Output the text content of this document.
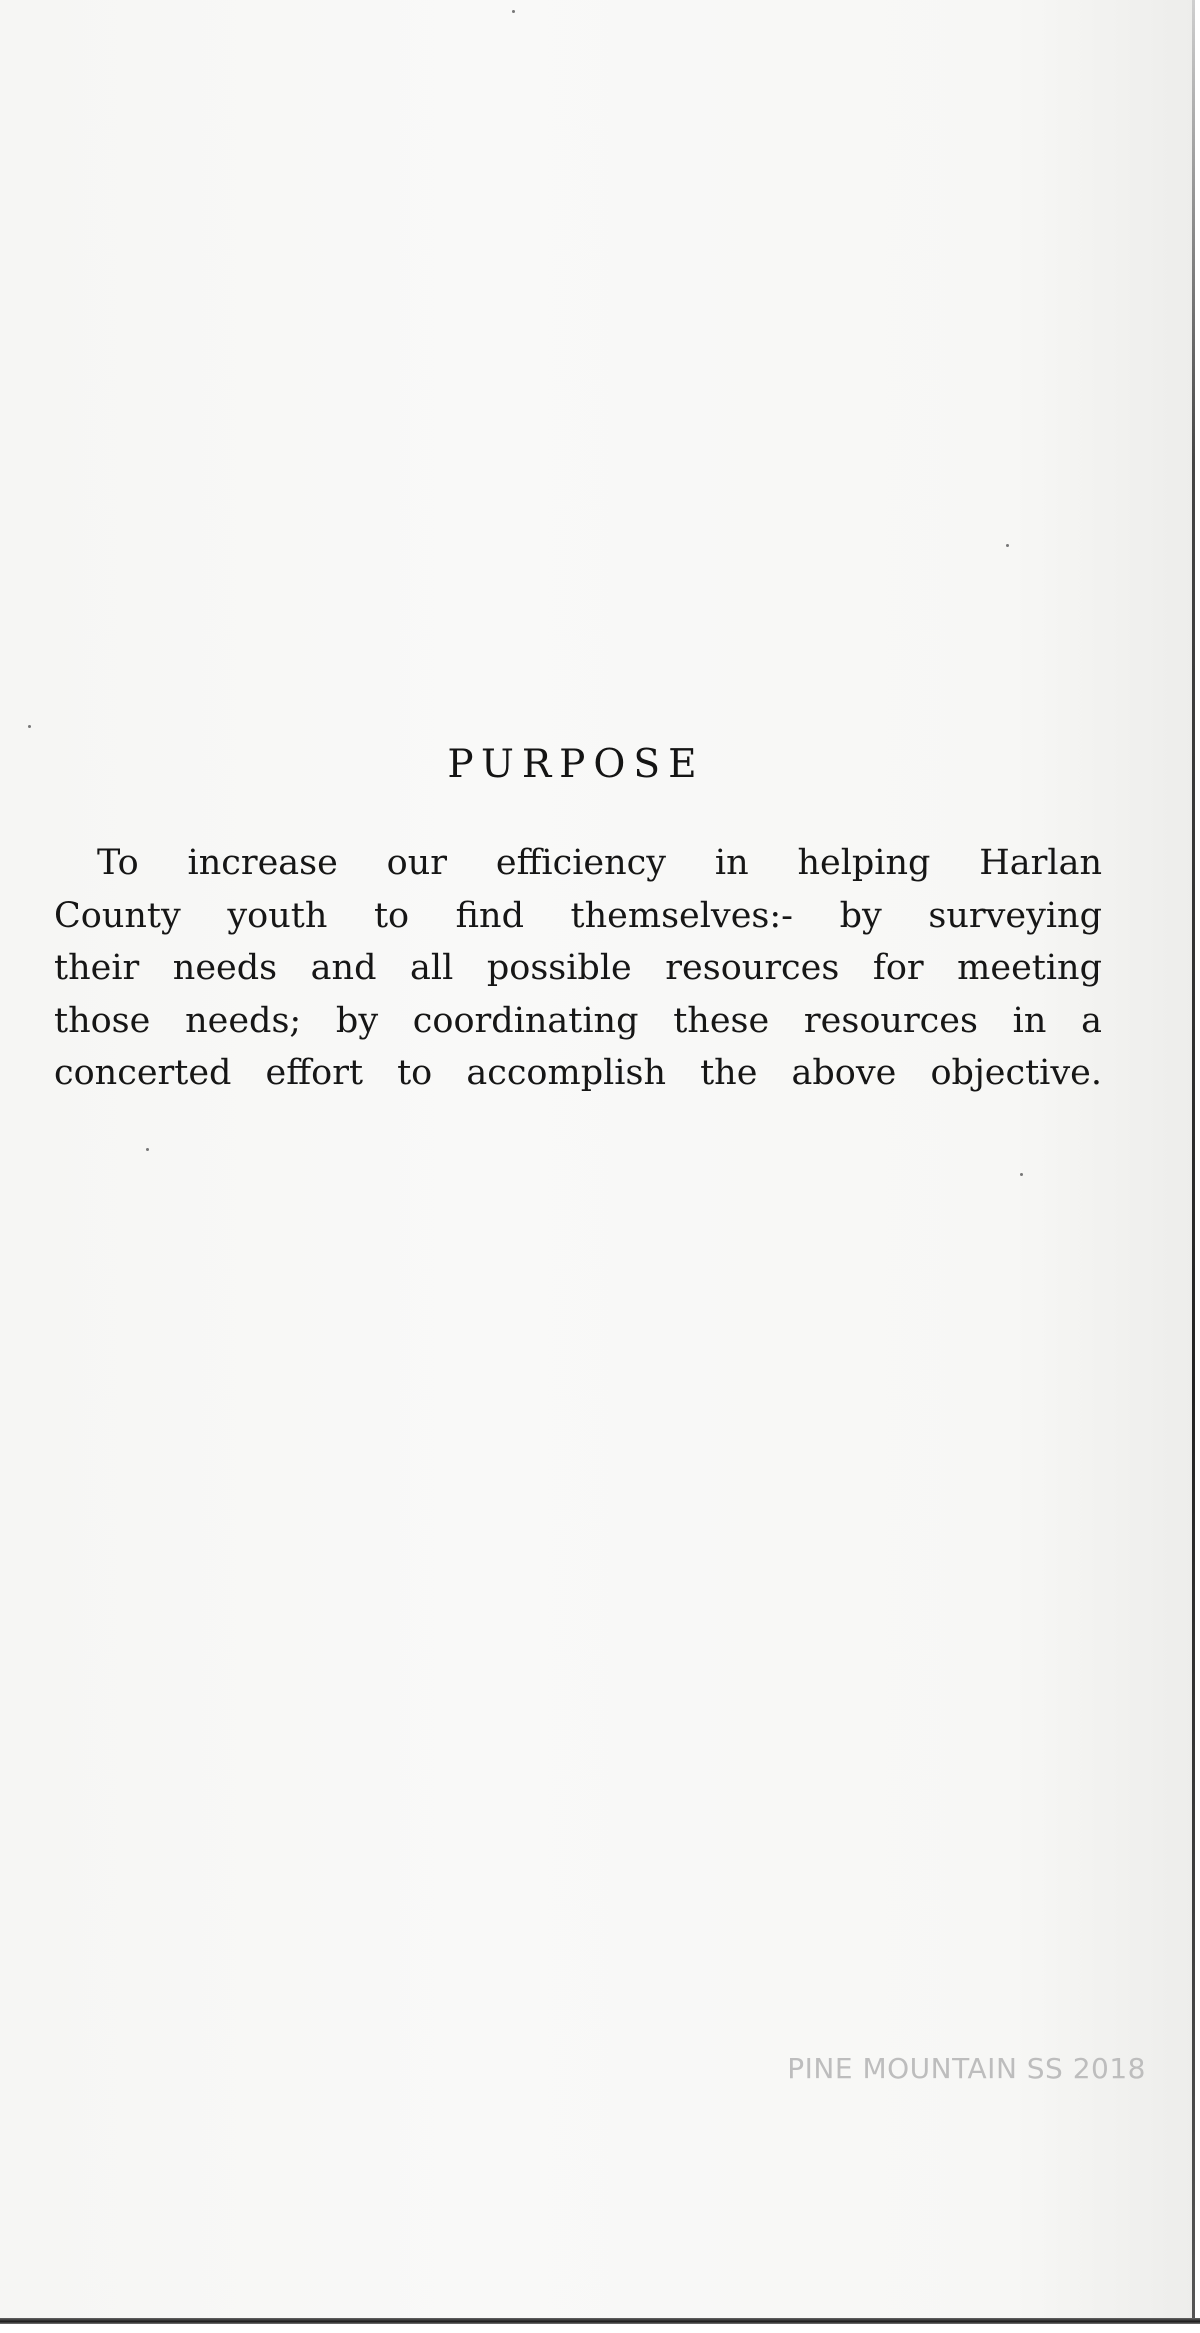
PURPOSE
To increase our efficiency in helping Harlan
County youth to find themselves:- by surveying
their needs and all possible resources for meeting
those needs; by coordinating these resources in a
concerted effort to accomplish the above objective.
PINE MOUNTAIN SS 2018
